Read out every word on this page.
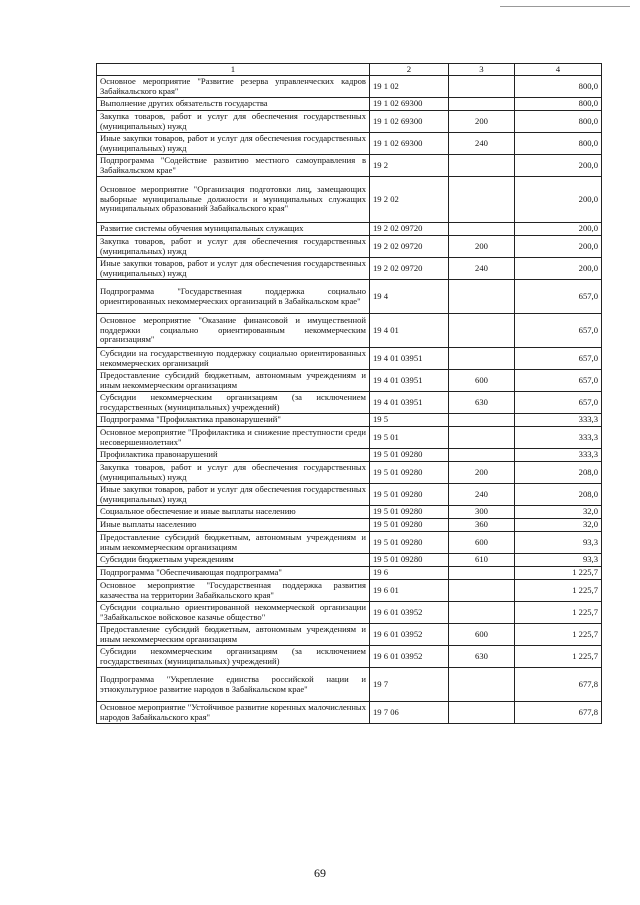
1	2	3	4
Основное мероприятие "Развитие резерва управленческих кадров Забайкальского края"	19 1 02		800,0
Выполнение других обязательств государства	19 1 02 69300		800,0
Закупка товаров, работ и услуг для обеспечения государственных (муниципальных) нужд	19 1 02 69300	200	800,0
Иные закупки товаров, работ и услуг для обеспечения государственных (муниципальных) нужд	19 1 02 69300	240	800,0
Подпрограмма "Содействие развитию местного самоуправления в Забайкальском крае"	19 2		200,0
Основное мероприятие "Организация подготовки лиц, замещающих выборные муниципальные должности и муниципальных служащих муниципальных образований Забайкальского края"	19 2 02		200,0
Развитие системы обучения муниципальных служащих	19 2 02 09720		200,0
Закупка товаров, работ и услуг для обеспечения государственных (муниципальных) нужд	19 2 02 09720	200	200,0
Иные закупки товаров, работ и услуг для обеспечения государственных (муниципальных) нужд	19 2 02 09720	240	200,0
Подпрограмма "Государственная поддержка социально ориентированных некоммерческих организаций в Забайкальском крае"	19 4		657,0
Основное мероприятие "Оказание финансовой и имущественной поддержки социально ориентированным некоммерческим организациям"	19 4 01		657,0
Субсидии на государственную поддержку социально ориентированных некоммерческих организаций	19 4 01 03951		657,0
Предоставление субсидий бюджетным, автономным учреждениям и иным некоммерческим организациям	19 4 01 03951	600	657,0
Субсидии некоммерческим организациям (за исключением государственных (муниципальных) учреждений)	19 4 01 03951	630	657,0
Подпрограмма "Профилактика правонарушений"	19 5		333,3
Основное мероприятие "Профилактика и снижение преступности среди несовершеннолетних"	19 5 01		333,3
Профилактика правонарушений	19 5 01 09280		333,3
Закупка товаров, работ и услуг для обеспечения государственных (муниципальных) нужд	19 5 01 09280	200	208,0
Иные закупки товаров, работ и услуг для обеспечения государственных (муниципальных) нужд	19 5 01 09280	240	208,0
Социальное обеспечение и иные выплаты населению	19 5 01 09280	300	32,0
Иные выплаты населению	19 5 01 09280	360	32,0
Предоставление субсидий бюджетным, автономным учреждениям и иным некоммерческим организациям	19 5 01 09280	600	93,3
Субсидии бюджетным учреждениям	19 5 01 09280	610	93,3
Подпрограмма "Обеспечивающая подпрограмма"	19 6		1 225,7
Основное мероприятие "Государственная поддержка развития казачества на территории Забайкальского края"	19 6 01		1 225,7
Субсидии социально ориентированной некоммерческой организации "Забайкальское войсковое казачье общество"	19 6 01 03952		1 225,7
Предоставление субсидий бюджетным, автономным учреждениям и иным некоммерческим организациям	19 6 01 03952	600	1 225,7
Субсидии некоммерческим организациям (за исключением государственных (муниципальных) учреждений)	19 6 01 03952	630	1 225,7
Подпрограмма "Укрепление единства российской нации и этнокультурное развитие народов в Забайкальском крае"	19 7		677,8
Основное мероприятие "Устойчивое развитие коренных малочисленных народов Забайкальского края"	19 7 06		677,8
69
